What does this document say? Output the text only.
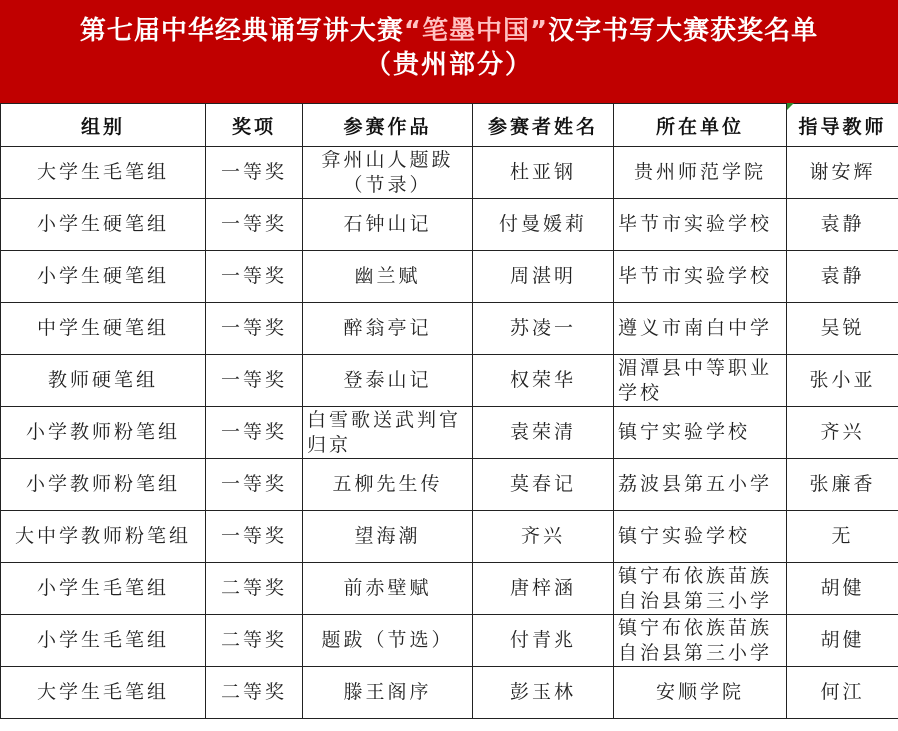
第七届中华经典诵写讲大赛“笔墨中国”汉字书写大赛获奖名单
（贵州部分）
组别	奖项	参赛作品	参赛者姓名	所在单位	指导教师
大学生毛笔组	一等奖	弇州山人题跋（节录）	杜亚钢	贵州师范学院	谢安辉
小学生硬笔组	一等奖	石钟山记	付曼媛莉	毕节市实验学校	袁静
小学生硬笔组	一等奖	幽兰赋	周湛明	毕节市实验学校	袁静
中学生硬笔组	一等奖	醉翁亭记	苏凌一	遵义市南白中学	吴锐
教师硬笔组	一等奖	登泰山记	权荣华	湄潭县中等职业学校	张小亚
小学教师粉笔组	一等奖	白雪歌送武判官归京	袁荣清	镇宁实验学校	齐兴
小学教师粉笔组	一等奖	五柳先生传	莫春记	荔波县第五小学	张廉香
大中学教师粉笔组	一等奖	望海潮	齐兴	镇宁实验学校	无
小学生毛笔组	二等奖	前赤壁赋	唐梓涵	镇宁布依族苗族自治县第三小学	胡健
小学生毛笔组	二等奖	题跋（节选）	付青兆	镇宁布依族苗族自治县第三小学	胡健
大学生毛笔组	二等奖	滕王阁序	彭玉林	安顺学院	何江
